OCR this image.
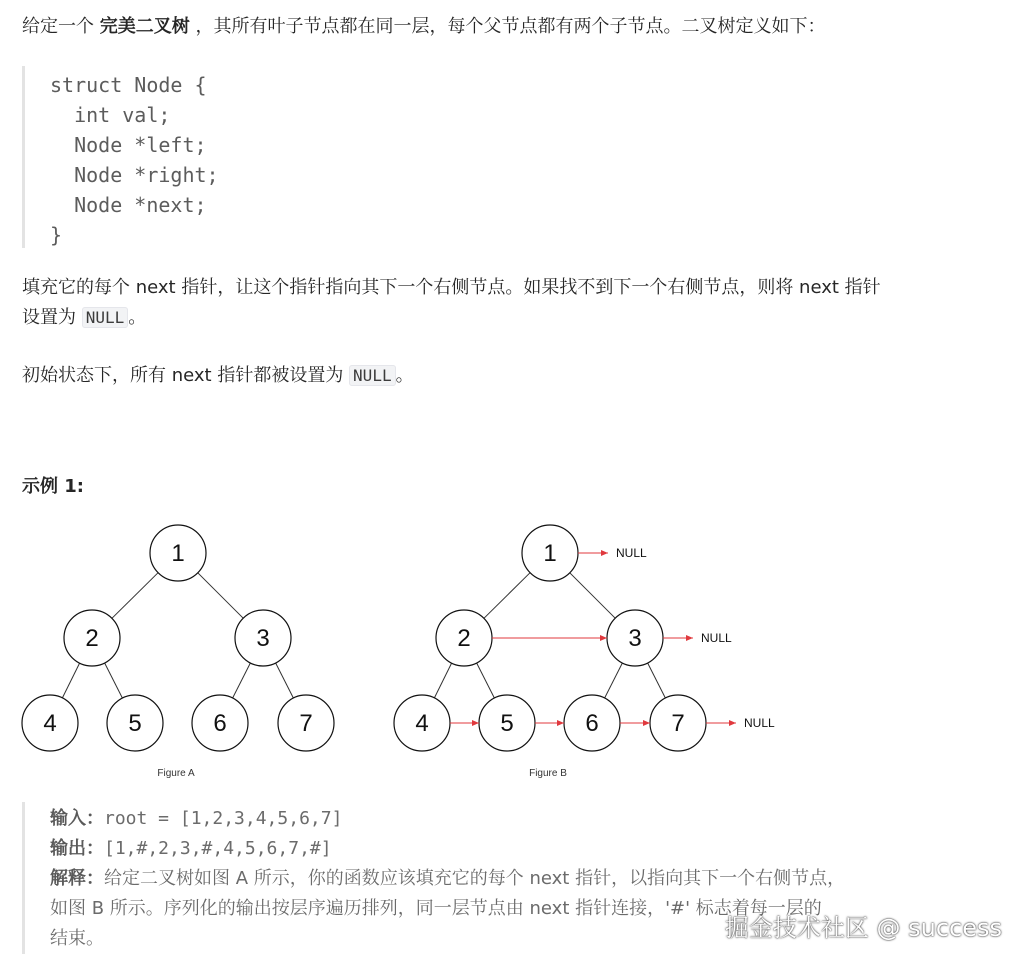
给定一个 完美二叉树 ，其所有叶子节点都在同一层，每个父节点都有两个子节点。二叉树定义如下：

struct Node {
int val;
Node *left;
Node *right;
Node *next;
}

填充它的每个 next 指针，让这个指针指向其下一个右侧节点。如果找不到下一个右侧节点，则将 next 指针
设置为 NULL 。

初始状态下，所有 next 指针都被设置为 NULL 。

示例 1:

1
2	3
4	5	6	7
Figure A
1
2	3
4	5	6	7
NULL
NULL
NULL
Figure B
输入：root = [1,2,3,4,5,6,7]
输出：[1,#,2,3,#,4,5,6,7,#]
解释：给定二叉树如图 A 所示，你的函数应该填充它的每个 next 指针，以指向其下一个右侧节点，
如图 B 所示。序列化的输出按层序遍历排列，同一层节点由 next 指针连接，'#' 标志着每一层的
结束。	掘金技术社区 @ success
